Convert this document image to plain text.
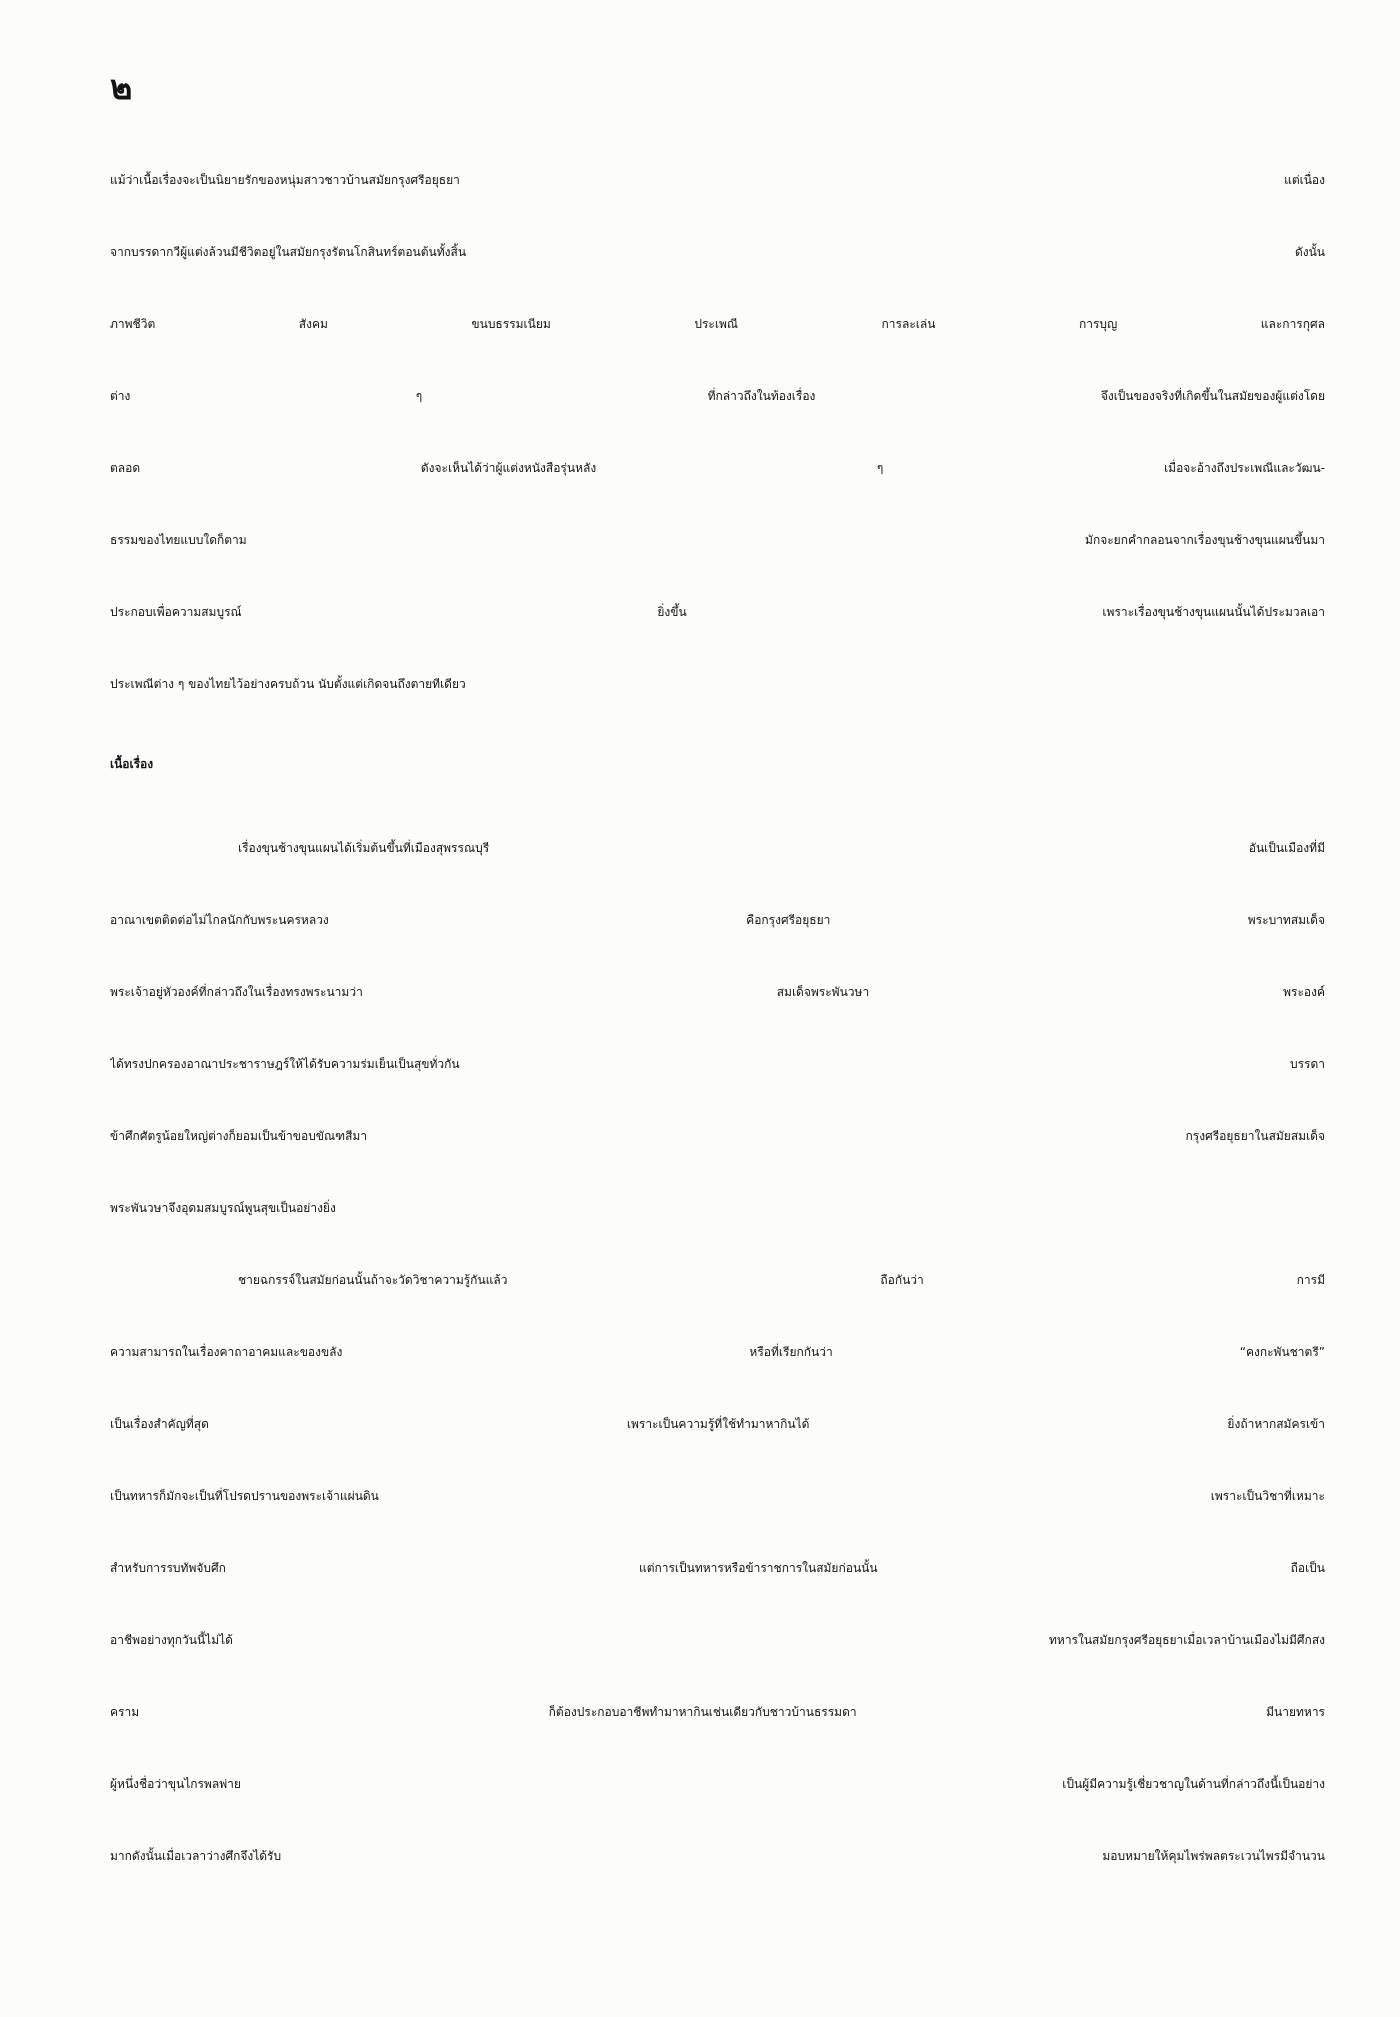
๒
แม้ว่าเนื้อเรื่องจะเป็นนิยายรักของหนุ่มสาวชาวบ้านสมัยกรุงศรีอยุธยา แต่เนื่อง
จากบรรดากวีผู้แต่งล้วนมีชีวิตอยู่ในสมัยกรุงรัตนโกสินทร์ตอนต้นทั้งสิ้น ดังนั้น
ภาพชีวิต สังคม ขนบธรรมเนียม ประเพณี การละเล่น การบุญ และการกุศล
ต่าง ๆ ที่กล่าวถึงในท้องเรื่อง จึงเป็นของจริงที่เกิดขึ้นในสมัยของผู้แต่งโดย
ตลอด ดังจะเห็นได้ว่าผู้แต่งหนังสือรุ่นหลัง ๆ เมื่อจะอ้างถึงประเพณีและวัฒน-
ธรรมของไทยแบบใดก็ตาม มักจะยกคำกลอนจากเรื่องขุนช้างขุนแผนขึ้นมา
ประกอบเพื่อความสมบูรณ์ ยิ่งขึ้น เพราะเรื่องขุนช้างขุนแผนนั้นได้ประมวลเอา
ประเพณีต่าง ๆ ของไทยไว้อย่างครบถ้วน นับตั้งแต่เกิดจนถึงตายทีเดียว
เนื้อเรื่อง
เรื่องขุนช้างขุนแผนได้เริ่มต้นขึ้นที่เมืองสุพรรณบุรี อันเป็นเมืองที่มี
อาณาเขตติดต่อไม่ไกลนักกับพระนครหลวง คือกรุงศรีอยุธยา พระบาทสมเด็จ
พระเจ้าอยู่หัวองค์ที่กล่าวถึงในเรื่องทรงพระนามว่า สมเด็จพระพันวษา พระองค์
ได้ทรงปกครองอาณาประชาราษฎร์ให้ได้รับความร่มเย็นเป็นสุขทั่วกัน บรรดา
ข้าศึกศัตรูน้อยใหญ่ต่างก็ยอมเป็นข้าขอบขัณฑสีมา กรุงศรีอยุธยาในสมัยสมเด็จ
พระพันวษาจึงอุดมสมบูรณ์พูนสุขเป็นอย่างยิ่ง
ชายฉกรรจ์ในสมัยก่อนนั้นถ้าจะวัดวิชาความรู้กันแล้ว ถือกันว่า การมี
ความสามารถในเรื่องคาถาอาคมและของขลัง หรือที่เรียกกันว่า “คงกะพันชาตรี”
เป็นเรื่องสำคัญที่สุด เพราะเป็นความรู้ที่ใช้ทำมาหากินได้ ยิ่งถ้าหากสมัครเข้า
เป็นทหารก็มักจะเป็นที่โปรดปรานของพระเจ้าแผ่นดิน เพราะเป็นวิชาที่เหมาะ
สำหรับการรบทัพจับศึก แต่การเป็นทหารหรือข้าราชการในสมัยก่อนนั้น ถือเป็น
อาชีพอย่างทุกวันนี้ไม่ได้ ทหารในสมัยกรุงศรีอยุธยาเมื่อเวลาบ้านเมืองไม่มีศึกสง
คราม ก็ต้องประกอบอาชีพทำมาหากินเช่นเดียวกับชาวบ้านธรรมดา มีนายทหาร
ผู้หนึ่งชื่อว่าขุนไกรพลพ่าย เป็นผู้มีความรู้เชี่ยวชาญในด้านที่กล่าวถึงนี้เป็นอย่าง
มากดังนั้นเมื่อเวลาว่างศึกจึงได้รับ มอบหมายให้คุมไพร่พลตระเวนไพรมีจำนวน
